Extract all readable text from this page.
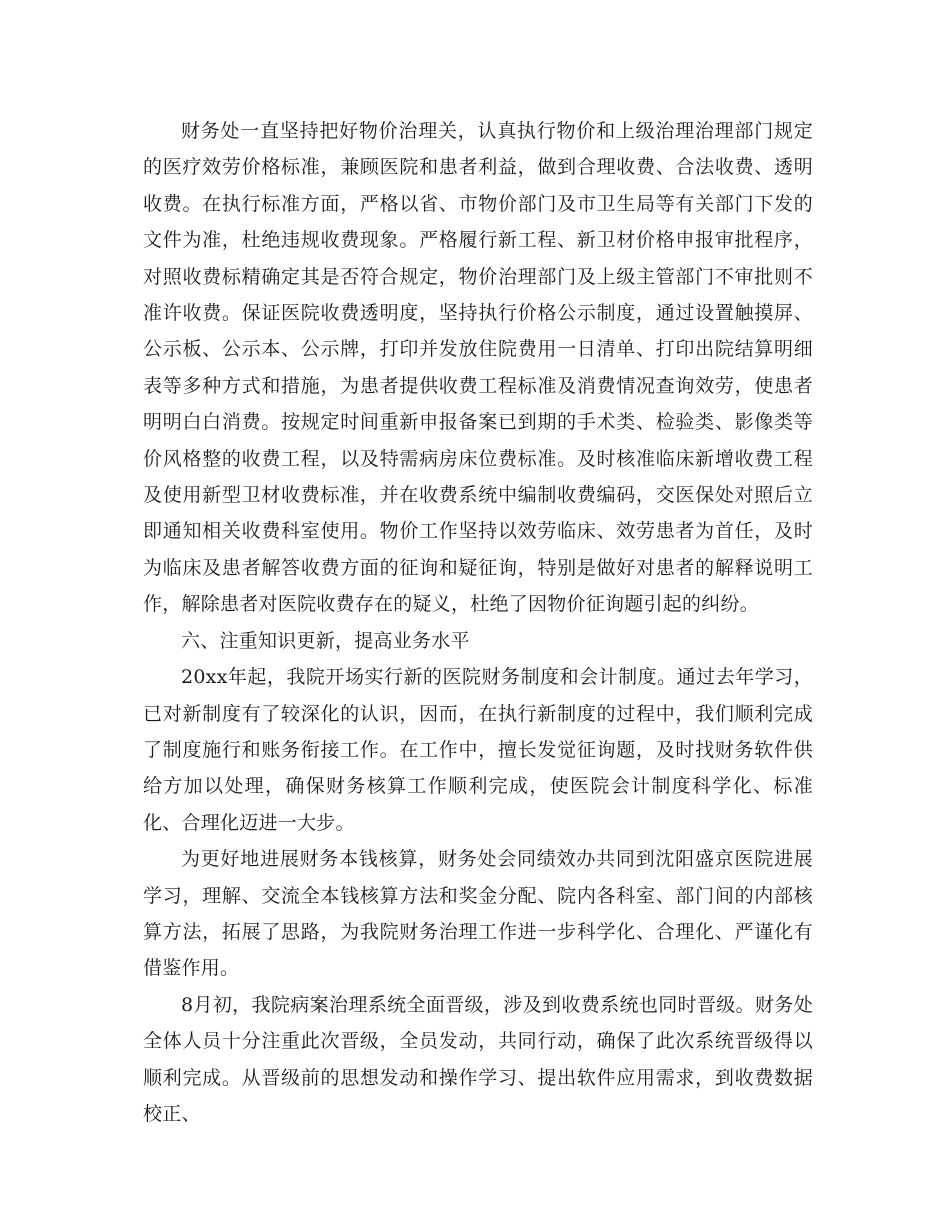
财务处一直坚持把好物价治理关，认真执行物价和上级治理治理部门规定的医疗效劳价格标准，兼顾医院和患者利益，做到合理收费、合法收费、透明收费。在执行标准方面，严格以省、市物价部门及市卫生局等有关部门下发的文件为准，杜绝违规收费现象。严格履行新工程、新卫材价格申报审批程序，对照收费标精确定其是否符合规定，物价治理部门及上级主管部门不审批则不准许收费。保证医院收费透明度，坚持执行价格公示制度，通过设置触摸屏、公示板、公示本、公示牌，打印并发放住院费用一日清单、打印出院结算明细表等多种方式和措施，为患者提供收费工程标准及消费情况查询效劳，使患者明明白白消费。按规定时间重新申报备案已到期的手术类、检验类、影像类等价风格整的收费工程，以及特需病房床位费标准。及时核准临床新增收费工程及使用新型卫材收费标准，并在收费系统中编制收费编码，交医保处对照后立即通知相关收费科室使用。物价工作坚持以效劳临床、效劳患者为首任，及时为临床及患者解答收费方面的征询和疑征询，特别是做好对患者的解释说明工作，解除患者对医院收费存在的疑义，杜绝了因物价征询题引起的纠纷。

六、注重知识更新，提高业务水平

20xx年起，我院开场实行新的医院财务制度和会计制度。通过去年学习，已对新制度有了较深化的认识，因而，在执行新制度的过程中，我们顺利完成了制度施行和账务衔接工作。在工作中，擅长发觉征询题，及时找财务软件供给方加以处理，确保财务核算工作顺利完成，使医院会计制度科学化、标准化、合理化迈进一大步。

为更好地进展财务本钱核算，财务处会同绩效办共同到沈阳盛京医院进展学习，理解、交流全本钱核算方法和奖金分配、院内各科室、部门间的内部核算方法，拓展了思路，为我院财务治理工作进一步科学化、合理化、严谨化有借鉴作用。

8月初，我院病案治理系统全面晋级，涉及到收费系统也同时晋级。财务处全体人员十分注重此次晋级，全员发动，共同行动，确保了此次系统晋级得以顺利完成。从晋级前的思想发动和操作学习、提出软件应用需求，到收费数据校正、
